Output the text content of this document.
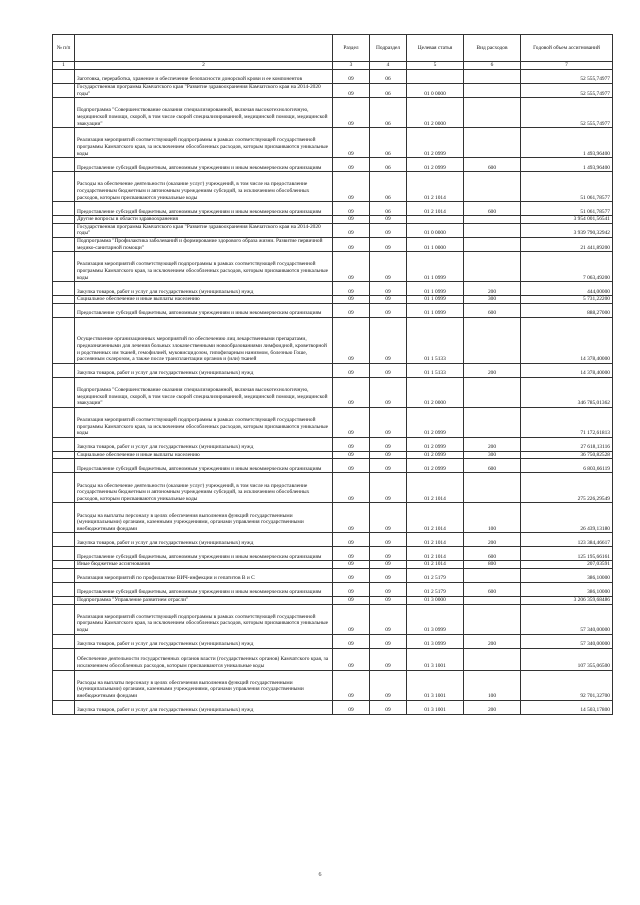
№ п/п		Раздел	Подраздел	Целевая статья	Вид расходов	Годовой объем ассигнований
1	2	3	4	5	6	7
	Заготовка, переработка, хранение и обеспечение безопасности донорской крови и ее компонентов	09	06			52 555,74977
	Государственная программа Камчатского края "Развитие здравоохранения Камчатского края на 2014-2020 годы"	09	06	01 0 0000		52 555,74977
	Подпрограмма "Совершенствование оказания специализированной, включая высокотехнологичную, медицинской помощи, скорой, в том числе скорой специализированной, медицинской помощи, медицинской эвакуации"	09	06	01 2 0000		52 555,74977
	Реализация мероприятий соответствующей подпрограммы в рамках соответствующей государственной программы Камчатского края, за исключением обособленных расходов, которым присваиваются уникальные коды	09	06	01 2 0999		1 493,96400
	Предоставление субсидий бюджетным, автономным учреждениям и иным некоммерческим организациям	09	06	01 2 0999	600	1 493,96400
	Расходы на обеспечение деятельности (оказание услуг) учреждений, в том числе на предоставление государственным бюджетным и автономным учреждениям субсидий, за исключением обособленных расходов, которым присваиваются уникальные коды	09	06	01 2 1014		51 061,78577
	Предоставление субсидий бюджетным, автономным учреждениям и иным некоммерческим организациям	09	06	01 2 1014	600	51 061,78577
	Другие вопросы в области здравоохранения	09	09			3 954 001,56541
	Государственная программа Камчатского края "Развитие здравоохранения Камчатского края на 2014-2020 годы"	09	09	01 0 0000		3 939 790,32942
	Подпрограмма "Профилактика заболеваний и формирование здорового образа жизни. Развитие первичной медико-санитарной помощи"	09	09	01 1 0000		21 441,89200
	Реализация мероприятий соответствующей подпрограммы в рамках соответствующей государственной программы Камчатского края, за исключением обособленных расходов, которым присваиваются уникальные коды	09	09	01 1 0999		7 063,49200
	Закупка товаров, работ и услуг для государственных (муниципальных) нужд	09	09	01 1 0999	200	444,00000
	Социальное обеспечение и иные выплаты населению	09	09	01 1 0999	300	5 731,22200
	Предоставление субсидий бюджетным, автономным учреждениям и иным некоммерческим организациям	09	09	01 1 0999	600	888,27000
	Осуществление организационных мероприятий по обеспечению лиц лекарственными препаратами, предназначенными для лечения больных злокачественными новообразованиями лимфоидной, кроветворной и родственных им тканей, гемофилией, муковисцидозом, гипофизарным нанизмом, болезнью Гоше, рассеянным склерозом, а также после трансплантации органов и (или) тканей	09	09	01 1 5133		14 378,40000
	Закупка товаров, работ и услуг для государственных (муниципальных) нужд	09	09	01 1 5133	200	14 378,40000
	Подпрограмма "Совершенствование оказания специализированной, включая высокотехнологичную, медицинской помощи, скорой, в том числе скорой специализированной, медицинской помощи, медицинской эвакуации"	09	09	01 2 0000		346 785,01362
	Реализация мероприятий соответствующей подпрограммы в рамках соответствующей государственной программы Камчатского края, за исключением обособленных расходов, которым присваиваются уникальные коды	09	09	01 2 0999		71 172,61813
	Закупка товаров, работ и услуг для государственных (муниципальных) нужд	09	09	01 2 0999	200	27 618,13116
	Социальное обеспечение и иные выплаты населению	09	09	01 2 0999	300	36 750,82528
	Предоставление субсидий бюджетным, автономным учреждениям и иным некоммерческим организациям	09	09	01 2 0999	600	6 803,66119
	Расходы на обеспечение деятельности (оказание услуг) учреждений, в том числе на предоставление государственным бюджетным и автономным учреждениям субсидий, за исключением обособленных расходов, которым присваиваются уникальные коды	09	09	01 2 1014		275 226,29549
	Расходы на выплаты персоналу в целях обеспечения выполнения функций государственными (муниципальными) органами, казенными учреждениями, органами управления государственными внебюджетными фондами	09	09	01 2 1014	100	26 439,13180
	Закупка товаров, работ и услуг для государственных (муниципальных) нужд	09	09	01 2 1014	200	123 384,46617
	Предоставление субсидий бюджетным, автономным учреждениям и иным некоммерческим организациям	09	09	01 2 1014	600	125 195,66161
	Иные бюджетные ассигнования	09	09	01 2 1014	800	207,03591
	Реализация мероприятий по профилактике ВИЧ-инфекции и гепатитов В и С	09	09	01 2 5179		386,10000
	Предоставление субсидий бюджетным, автономным учреждениям и иным некоммерческим организациям	09	09	01 2 5179	600	386,10000
	Подпрограмма "Управление развитием отрасли"	09	09	01 3 0000		3 206 359,68486
	Реализация мероприятий соответствующей подпрограммы в рамках соответствующей государственной программы Камчатского края, за исключением обособленных расходов, которым присваиваются уникальные коды	09	09	01 3 0999		57 340,00000
	Закупка товаров, работ и услуг для государственных (муниципальных) нужд	09	09	01 3 0999	200	57 340,00000
	Обеспечение деятельности государственных органов власти (государственных органов) Камчатского края, за исключением обособленных расходов, которым присваиваются уникальные коды	09	09	01 3 1001		107 355,06500
	Расходы на выплаты персоналу в целях обеспечения выполнения функций государственными (муниципальными) органами, казенными учреждениями, органами управления государственными внебюджетными фондами	09	09	01 3 1001	100	92 701,32700
	Закупка товаров, работ и услуг для государственных (муниципальных) нужд	09	09	01 3 1001	200	14 503,17800
6
